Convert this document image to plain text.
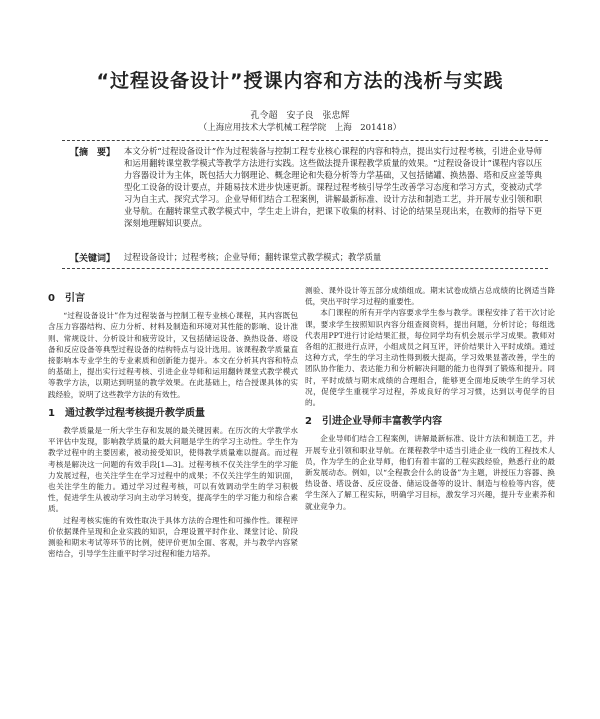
“过程设备设计”授课内容和方法的浅析与实践
孔令超　安子良　张忠辉
（上海应用技术大学机械工程学院　上海　201418）
【摘　要】 本文分析“过程设备设计”作为过程装备与控制工程专业核心课程的内容和特点，提出实行过程考核，引进企业导师和运用翻转课堂教学模式等教学方法进行实践。这些做法提升课程教学质量的效果。“过程设备设计”课程内容以压力容器设计为主体，既包括大力钢理论、概念理论和失稳分析等力学基础，又包括储罐、换热器、塔和反应釜等典型化工设备的设计要点，并随易技术进步快速更新。课程过程考核引导学生改善学习态度和学习方式，变被动式学习为自主式、探究式学习。企业导师们结合工程案例，讲解最新标准、设计方法和制造工艺，并开展专业引领和职业导航。在翻转课堂式教学模式中，学生走上讲台，把课下收集的材料、讨论的结果呈现出来，在教师的指导下更深刻地理解知识要点。
【关键词】 过程设备设计；过程考核；企业导师；翻转课堂式教学模式；教学质量
0　引言

“过程设备设计”作为过程装备与控制工程专业核心课程，其内容既包含压力容器结构、应力分析、材料及制造和环境对其性能的影响、设计准则、常规设计、分析设计和疲劳设计，又包括储运设备、换热设备、塔设备和反应设备等典型过程设备的结构特点与设计选用。该课程教学质量直接影响本专业学生的专业素质和创新能力提升。本文在分析其内容和特点的基础上，提出实行过程考核、引进企业导师和运用翻转课堂式教学模式等教学方法，以期达到明显的教学效果。在此基础上，结合授课具体的实践经验，说明了这些教学方法的有效性。

1　通过教学过程考核提升教学质量

教学质量是一所大学生存和发展的最关键因素。在历次的大学教学水平评估中发现，影响教学质量的最大问题是学生的学习主动性。学生作为教学过程中的主要因素，被动接受知识，使得教学质量难以提高。而过程考核是解决这一问题的有效手段[1—3]。过程考核不仅关注学生的学习能力发展过程，也关注学生在学习过程中的成果；不仅关注学生的知识面，也关注学生的能力。通过学习过程考核，可以有效调动学生的学习积极性，促进学生从被动学习向主动学习转变，提高学生的学习能力和综合素质。

过程考核实施的有效性取决于具体方法的合理性和可操作性。课程评价依据课件呈现和企业实践的知识，合理设置平时作业、课堂讨论、阶段测验和期末考试等环节的比例，使评价更加全面、客观，并与教学内容紧密结合，引导学生注重平时学习过程和能力培养。

测验、课外设计等五部分成绩组成。期末试卷成绩占总成绩的比例适当降低，突出平时学习过程的重要性。

本门课程的所有开学内容要求学生参与教学。课程安排了若干次讨论课，要求学生按照知识内容分组查阅资料，提出问题，分析讨论；每组选代表用PPT进行讨论结果汇报，每位同学均有机会展示学习成果。教师对各组的汇报进行点评，小组成员之间互评，评价结果计入平时成绩。通过这种方式，学生的学习主动性得到极大提高，学习效果显著改善，学生的团队协作能力、表达能力和分析解决问题的能力也得到了锻炼和提升。同时，平时成绩与期末成绩的合理组合，能够更全面地反映学生的学习状况，促使学生重视学习过程，养成良好的学习习惯，达到以考促学的目的。

2　引进企业导师丰富教学内容

企业导师们结合工程案例，讲解最新标准、设计方法和制造工艺，并开展专业引领和职业导航。在课程教学中适当引进企业一线的工程技术人员，作为学生的企业导师，他们有着丰富的工程实践经验，熟悉行业的最新发展动态。例如，以“全程教会什么的设备”为主题，讲授压力容器、换热设备、塔设备、反应设备、储运设备等的设计、制造与检验等内容，使学生深入了解工程实际，明确学习目标，激发学习兴趣，提升专业素养和就业竞争力。
